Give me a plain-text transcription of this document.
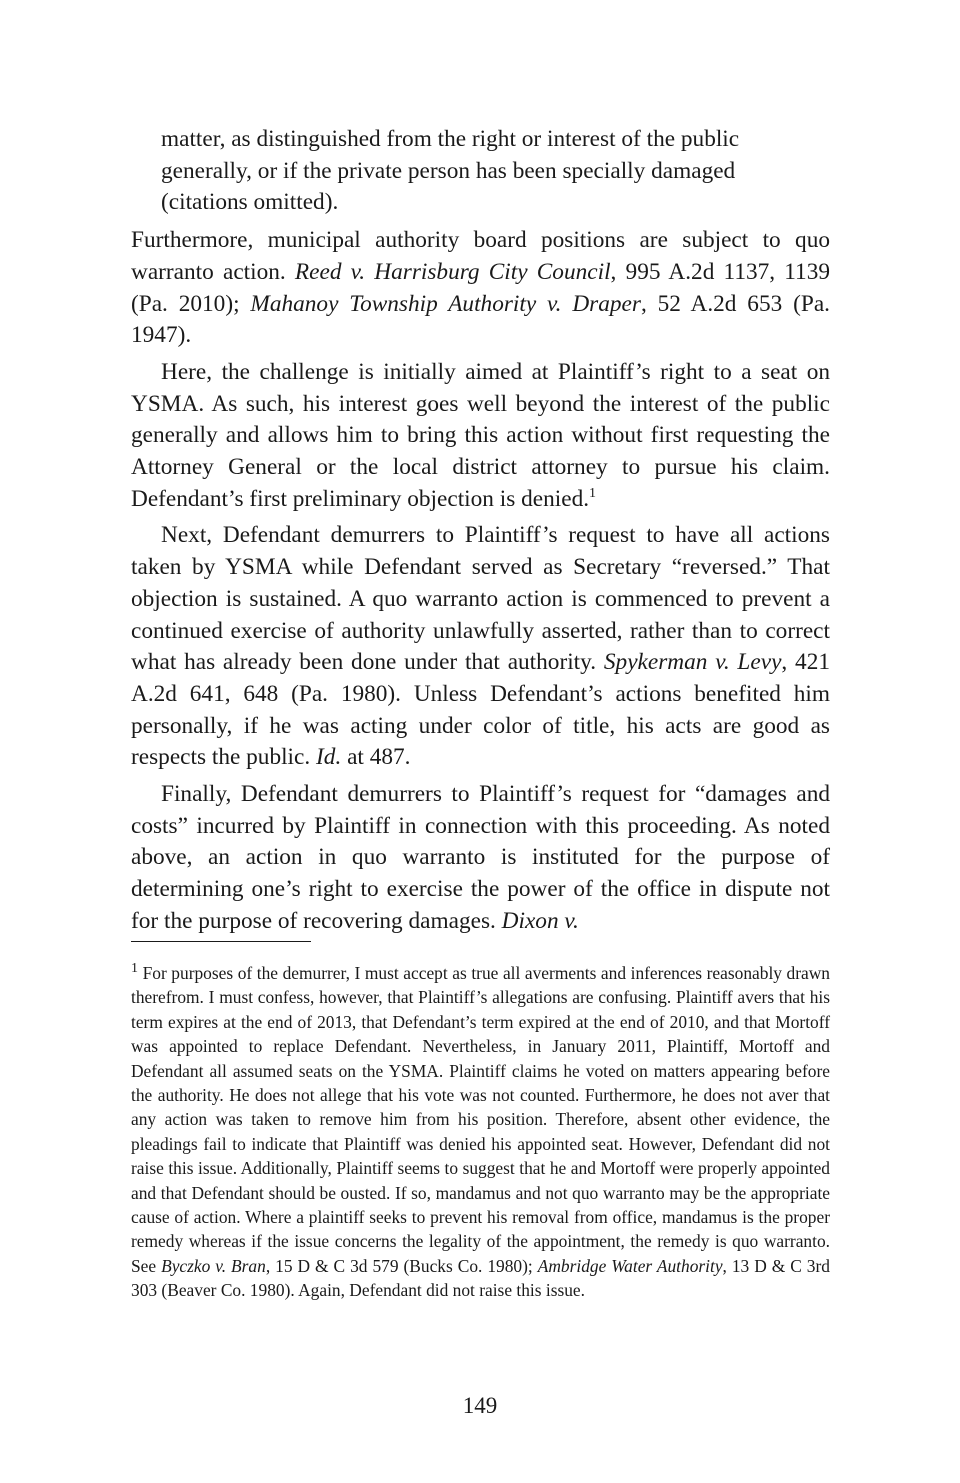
matter, as distinguished from the right or interest of the public generally, or if the private person has been specially damaged (citations omitted).

Furthermore, municipal authority board positions are subject to quo warranto action. Reed v. Harrisburg City Council, 995 A.2d 1137, 1139 (Pa. 2010); Mahanoy Township Authority v. Draper, 52 A.2d 653 (Pa. 1947).

Here, the challenge is initially aimed at Plaintiff’s right to a seat on YSMA. As such, his interest goes well beyond the interest of the public generally and allows him to bring this action without first requesting the Attorney General or the local district attorney to pursue his claim. Defendant’s first preliminary objection is denied.$^1$

Next, Defendant demurrers to Plaintiff’s request to have all actions taken by YSMA while Defendant served as Secretary “reversed.” That objection is sustained. A quo warranto action is commenced to prevent a continued exercise of authority unlawfully asserted, rather than to correct what has already been done under that authority. Spykerman v. Levy, 421 A.2d 641, 648 (Pa. 1980). Unless Defendant’s actions benefited him personally, if he was acting under color of title, his acts are good as respects the public. Id. at 487.

Finally, Defendant demurrers to Plaintiff’s request for “damages and costs” incurred by Plaintiff in connection with this proceeding. As noted above, an action in quo warranto is instituted for the purpose of determining one’s right to exercise the power of the office in dispute not for the purpose of recovering damages. Dixon v.

$^1$ For purposes of the demurrer, I must accept as true all averments and inferences reasonably drawn therefrom. I must confess, however, that Plaintiff’s allegations are confusing. Plaintiff avers that his term expires at the end of 2013, that Defendant’s term expired at the end of 2010, and that Mortoff was appointed to replace Defendant. Nevertheless, in January 2011, Plaintiff, Mortoff and Defendant all assumed seats on the YSMA. Plaintiff claims he voted on matters appearing before the authority. He does not allege that his vote was not counted. Furthermore, he does not aver that any action was taken to remove him from his position. Therefore, absent other evidence, the pleadings fail to indicate that Plaintiff was denied his appointed seat. However, Defendant did not raise this issue. Additionally, Plaintiff seems to suggest that he and Mortoff were properly appointed and that Defendant should be ousted. If so, mandamus and not quo warranto may be the appropriate cause of action. Where a plaintiff seeks to prevent his removal from office, mandamus is the proper remedy whereas if the issue concerns the legality of the appointment, the remedy is quo warranto. See Byczko v. Bran, 15 D & C 3d 579 (Bucks Co. 1980); Ambridge Water Authority, 13 D & C 3rd 303 (Beaver Co. 1980). Again, Defendant did not raise this issue.

149
